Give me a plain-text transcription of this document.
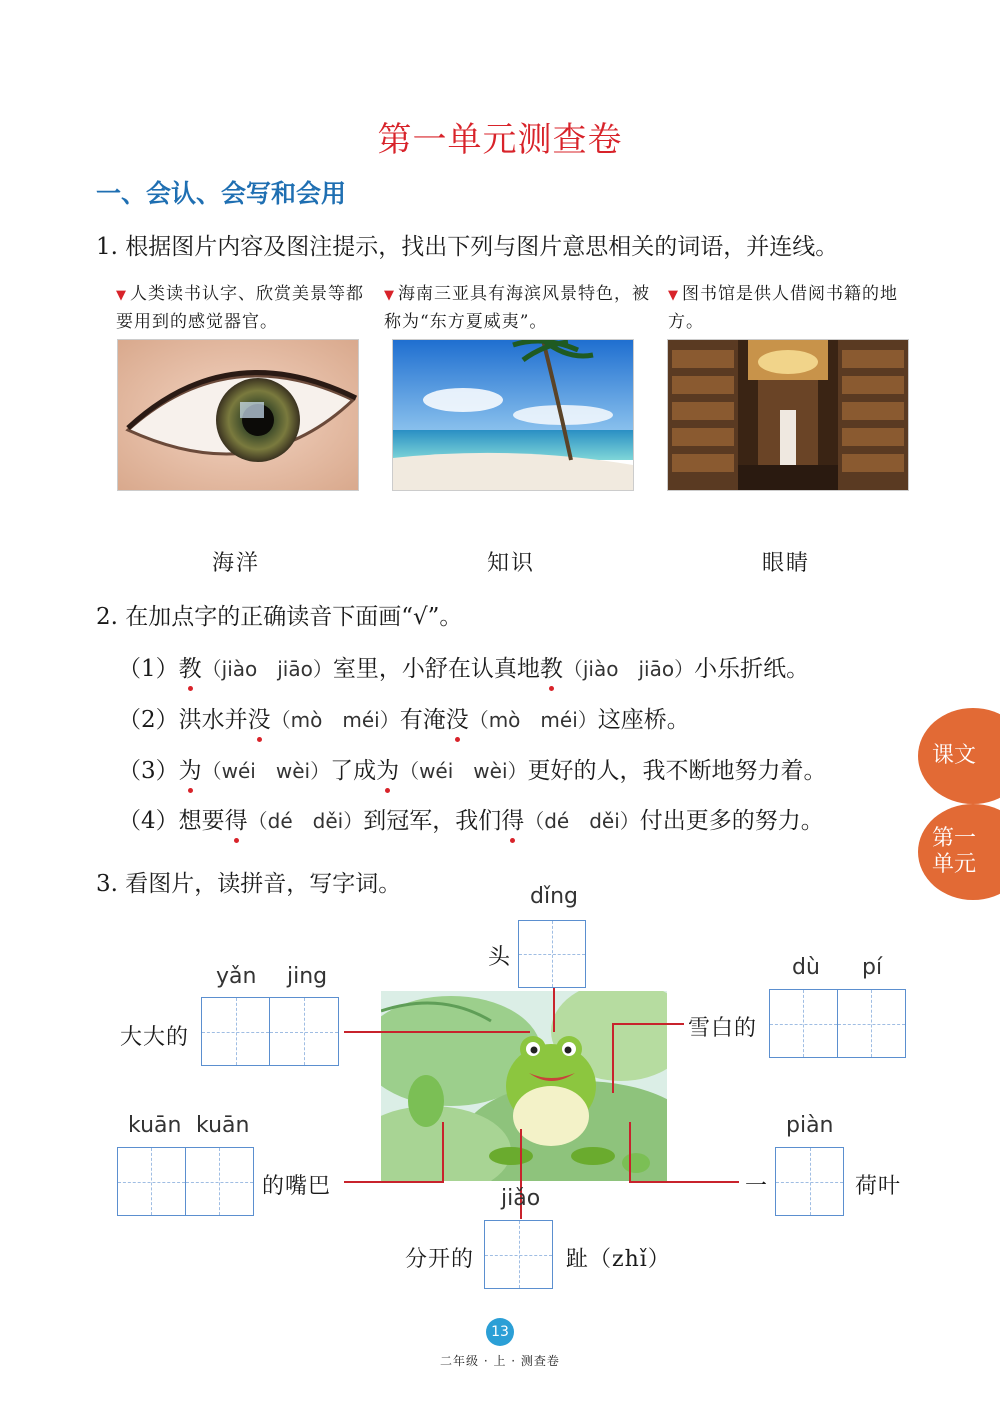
第一单元测查卷
一、会认、会写和会用
1. 根据图片内容及图注提示，找出下列与图片意思相关的词语，并连线。
▼ 人类读书认字、欣赏美景等都要用到的感觉器官。
▼ 海南三亚具有海滨风景特色，被称为“东方夏威夷”。
▼ 图书馆是供人借阅书籍的地方。
海洋	知识	眼睛
2. 在加点字的正确读音下面画“√”。
（1）教（jiào　jiāo）室里，小舒在认真地教（jiào　jiāo）小乐折纸。
（2）洪水并没（mò　méi）有淹没（mò　méi）这座桥。
（3）为（wéi　wèi）了成为（wéi　wèi）更好的人，我不断地努力着。
（4）想要得（dé　děi）到冠军，我们得（dé　děi）付出更多的努力。
3. 看图片，读拼音，写字词。	dǐng
头
yǎn jing
大大的
dù pí
雪白的
kuān kuān
的嘴巴
piàn
一	荷叶
jiǎo
分开的	趾（zhǐ）
课文
第一
单元
13
二年级 · 上 · 测查卷
